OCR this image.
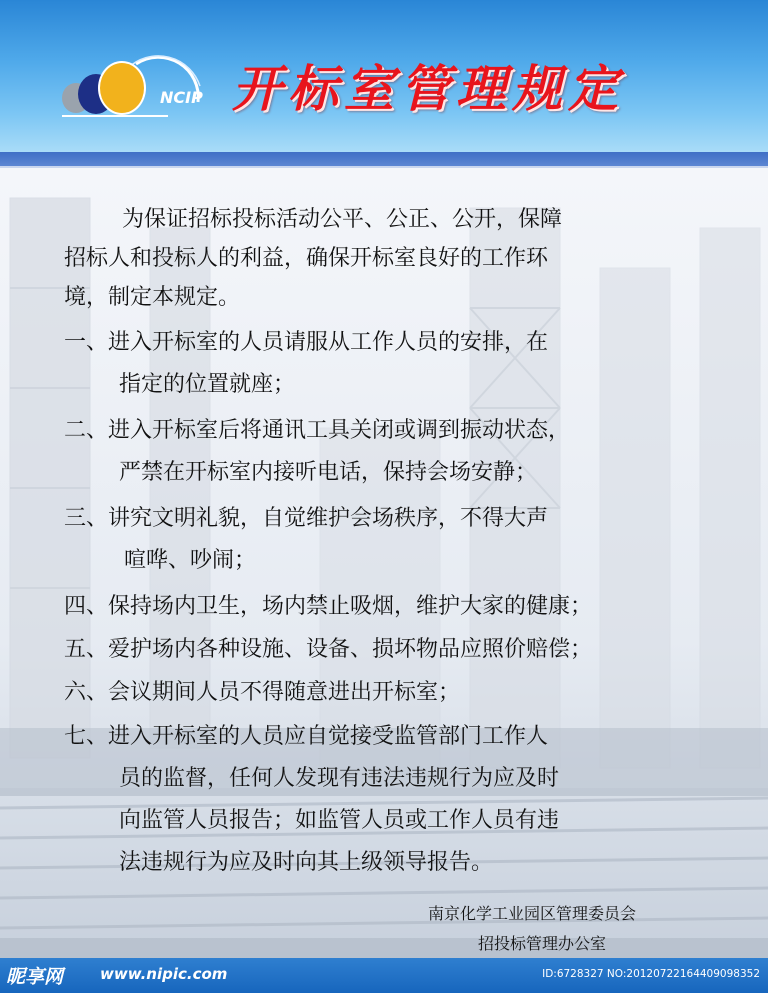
NCIP 开标室管理规定

为保证招标投标活动公平、公正、公开，保障
招标人和投标人的利益，确保开标室良好的工作环
境，制定本规定。

一、进入开标室的人员请服从工作人员的安排，在
指定的位置就座；
二、进入开标室后将通讯工具关闭或调到振动状态，
严禁在开标室内接听电话，保持会场安静；
三、讲究文明礼貌，自觉维护会场秩序，不得大声
喧哗、吵闹；
四、保持场内卫生，场内禁止吸烟，维护大家的健康；
五、爱护场内各种设施、设备、损坏物品应照价赔偿；
六、会议期间人员不得随意进出开标室；
七、进入开标室的人员应自觉接受监管部门工作人
员的监督，任何人发现有违法违规行为应及时
向监管人员报告；如监管人员或工作人员有违
法违规行为应及时向其上级领导报告。
南京化学工业园区管理委员会
招投标管理办公室
昵享网 www.nipic.com	ID:6728327 NO:20120722164409098352
